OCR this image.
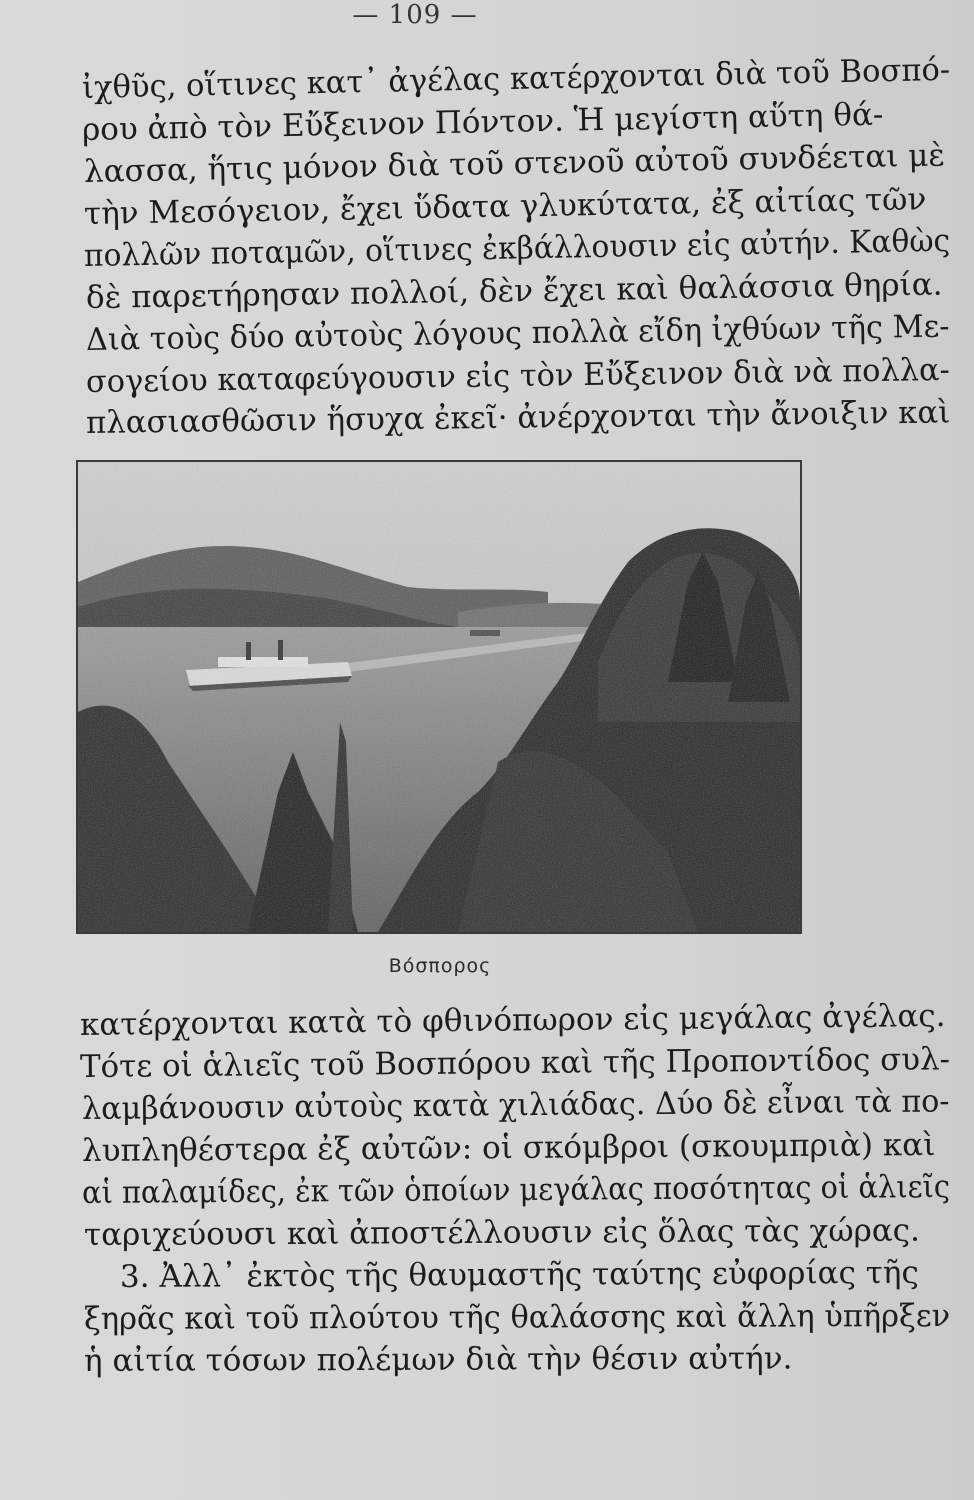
— 109 —
ἰχθῦς, οἵτινες κατ᾽ ἀγέλας κατέρχονται διὰ τοῦ Βοσπό-
ρου ἀπὸ τὸν Εὔξεινον Πόντον. Ἡ μεγίστη αὕτη θά-
λασσα, ἥτις μόνον διὰ τοῦ στενοῦ αὐτοῦ συνδέεται μὲ
τὴν Μεσόγειον, ἔχει ὕδατα γλυκύτατα, ἐξ αἰτίας τῶν
πολλῶν ποταμῶν, οἵτινες ἐκβάλλουσιν εἰς αὐτήν. Καθὼς
δὲ παρετήρησαν πολλοί, δὲν ἔχει καὶ θαλάσσια θηρία.
Διὰ τοὺς δύο αὐτοὺς λόγους πολλὰ εἴδη ἰχθύων τῆς Με-
σογείου καταφεύγουσιν εἰς τὸν Εὔξεινον διὰ νὰ πολλα-
πλασιασθῶσιν ἥσυχα ἐκεῖ· ἀνέρχονται τὴν ἄνοιξιν καὶ
Βόσπορος
κατέρχονται κατὰ τὸ φθινόπωρον εἰς μεγάλας ἀγέλας.
Τότε οἱ ἁλιεῖς τοῦ Βοσπόρου καὶ τῆς Προποντίδος συλ-
λαμβάνουσιν αὐτοὺς κατὰ χιλιάδας. Δύο δὲ εἶναι τὰ πο-
λυπληθέστερα ἐξ αὐτῶν: οἱ σκόμβροι (σκουμπριὰ) καὶ
αἱ παλαμίδες, ἐκ τῶν ὁποίων μεγάλας ποσότητας οἱ ἁλιεῖς
ταριχεύουσι καὶ ἀποστέλλουσιν εἰς ὅλας τὰς χώρας.
3. Ἀλλ᾽ ἐκτὸς τῆς θαυμαστῆς ταύτης εὐφορίας τῆς
ξηρᾶς καὶ τοῦ πλούτου τῆς θαλάσσης καὶ ἄλλη ὑπῆρξεν
ἡ αἰτία τόσων πολέμων διὰ τὴν θέσιν αὐτήν.
